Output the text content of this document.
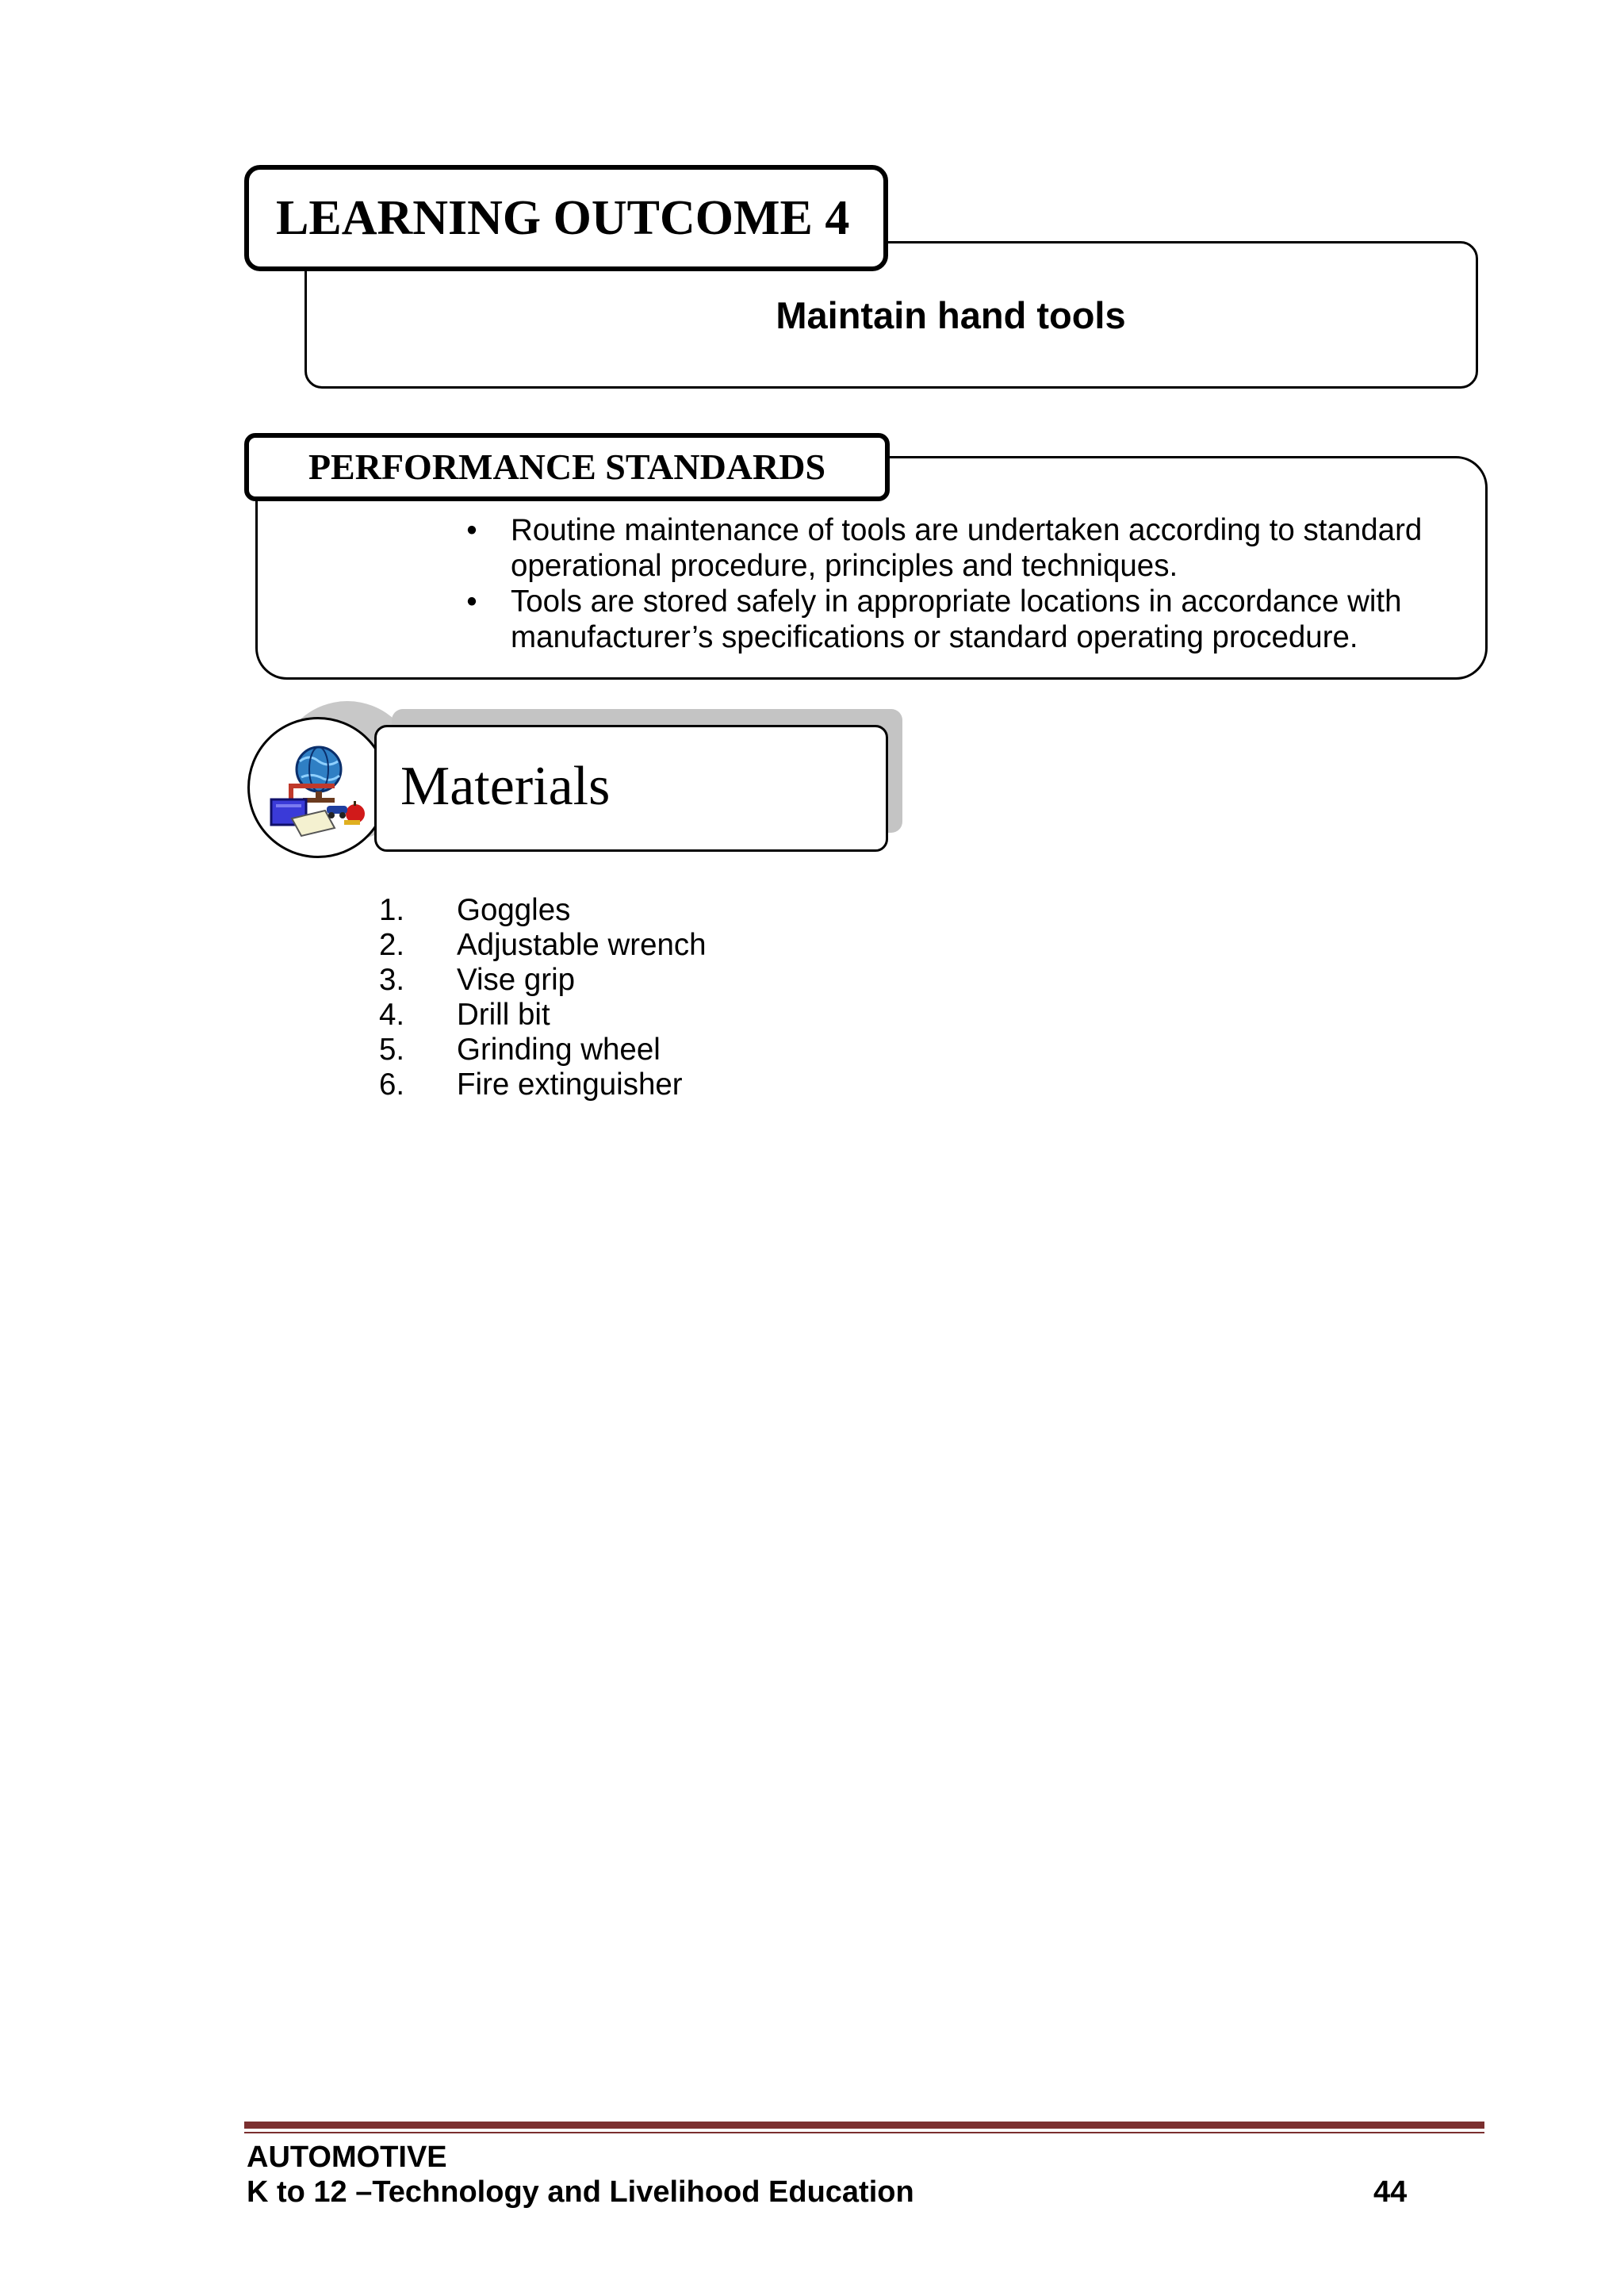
Maintain hand tools
LEARNING OUTCOME 4
PERFORMANCE STANDARDS
• Routine maintenance of tools are undertaken according to standard operational procedure, principles and techniques.
• Tools are stored safely in appropriate locations in accordance with manufacturer’s specifications or standard operating procedure.
Materials
1.	Goggles
2.	Adjustable wrench
3.	Vise grip
4.	Drill bit
5.	Grinding wheel
6.	Fire extinguisher
AUTOMOTIVE
K to 12 –Technology and Livelihood Education	44
